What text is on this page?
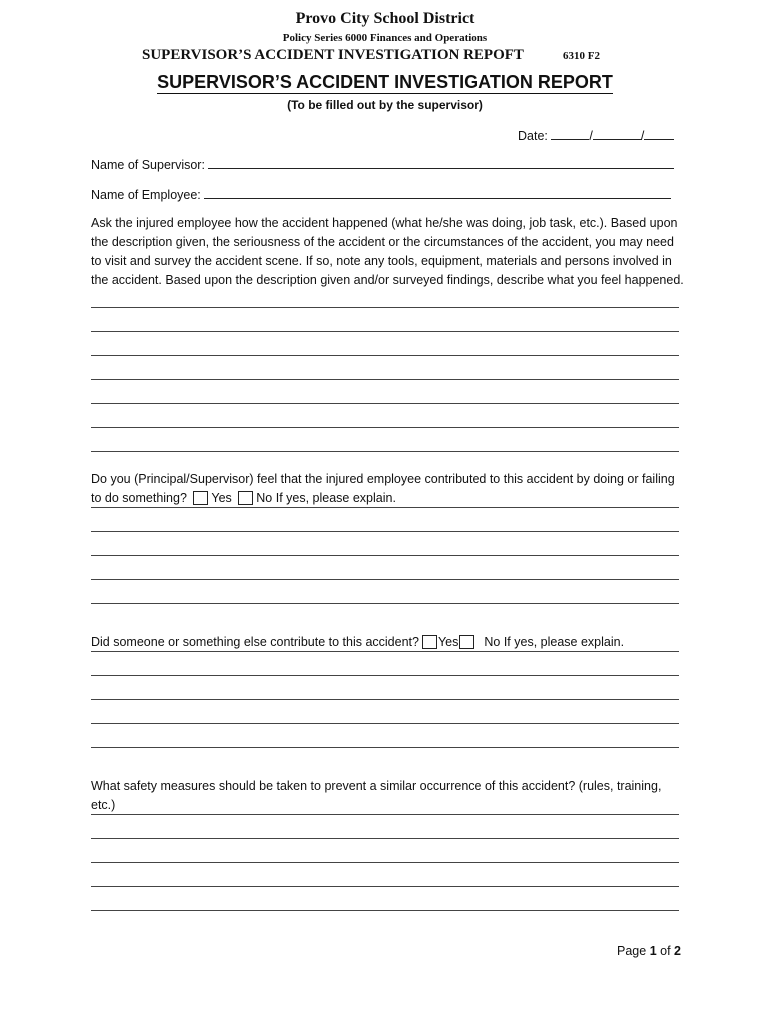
Provo City School District
Policy Series 6000 Finances and Operations
SUPERVISOR’S ACCIDENT INVESTIGATION REPOFT	6310 F2
SUPERVISOR’S ACCIDENT INVESTIGATION REPORT
(To be filled out by the supervisor)
Date:	/	/
Name of Supervisor:
Name of Employee:
Ask the injured employee how the accident happened (what he/she was doing, job task, etc.). Based upon the description given, the seriousness of the accident or the circumstances of the accident, you may need to visit and survey the accident scene. If so, note any tools, equipment, materials and persons involved in the accident. Based upon the description given and/or surveyed findings, describe what you feel happened.
Do you (Principal/Supervisor) feel that the injured employee contributed to this accident by doing or failing to do something? Yes No If yes, please explain.
Did someone or something else contribute to this accident? Yes No If yes, please explain.
What safety measures should be taken to prevent a similar occurrence of this accident? (rules, training, etc.)
Page 1 of 2
